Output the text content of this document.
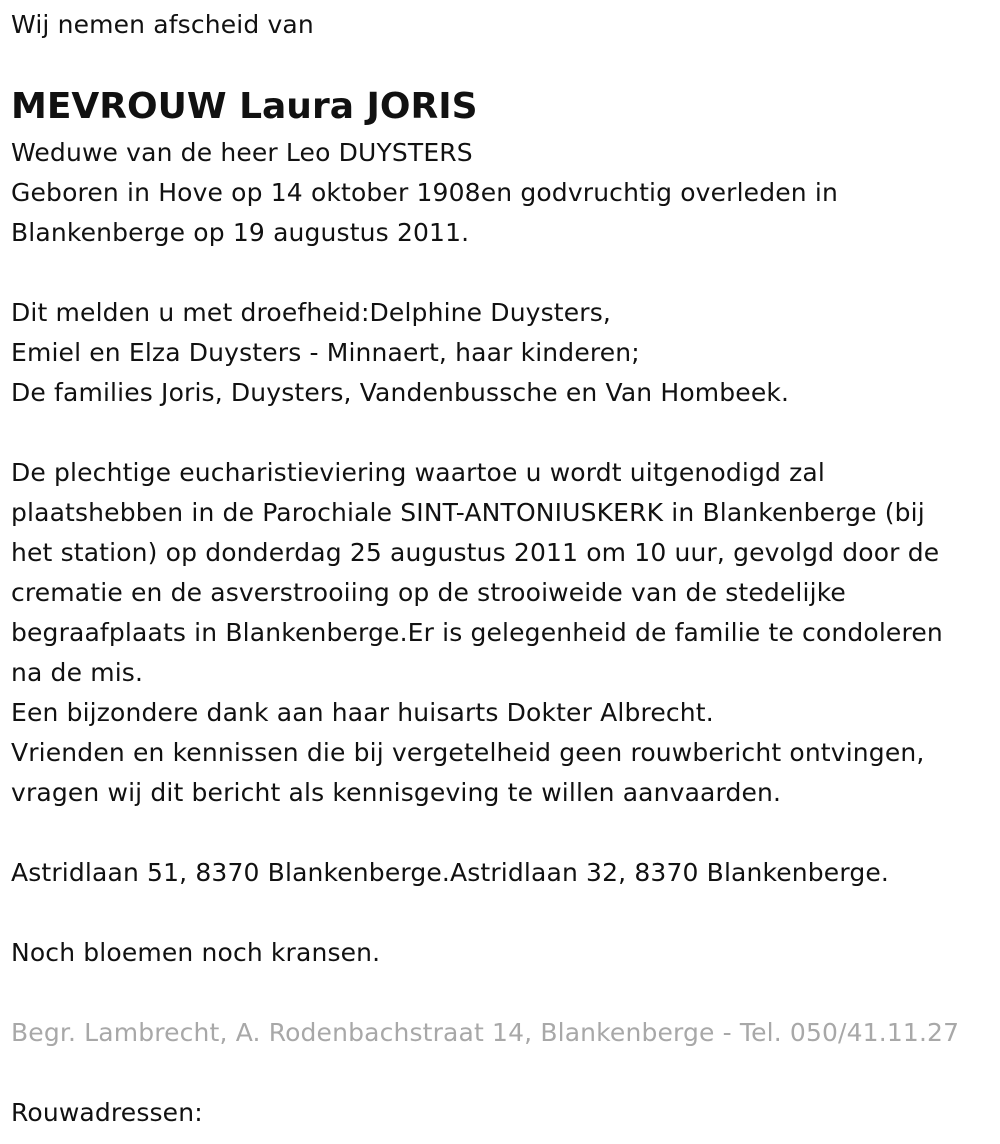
Wij nemen afscheid van
MEVROUW Laura JORIS
Weduwe van de heer Leo DUYSTERS
Geboren in Hove op 14 oktober 1908en godvruchtig overleden in
Blankenberge op 19 augustus 2011.
Dit melden u met droefheid:Delphine Duysters,
Emiel en Elza Duysters - Minnaert, haar kinderen;
De families Joris, Duysters, Vandenbussche en Van Hombeek.
De plechtige eucharistieviering waartoe u wordt uitgenodigd zal
plaatshebben in de Parochiale SINT-ANTONIUSKERK in Blankenberge (bij
het station) op donderdag 25 augustus 2011 om 10 uur, gevolgd door de
crematie en de asverstrooiing op de strooiweide van de stedelijke
begraafplaats in Blankenberge.Er is gelegenheid de familie te condoleren
na de mis.
Een bijzondere dank aan haar huisarts Dokter Albrecht.
Vrienden en kennissen die bij vergetelheid geen rouwbericht ontvingen,
vragen wij dit bericht als kennisgeving te willen aanvaarden.
Astridlaan 51, 8370 Blankenberge.Astridlaan 32, 8370 Blankenberge.
Noch bloemen noch kransen.
Begr. Lambrecht, A. Rodenbachstraat 14, Blankenberge - Tel. 050/41.11.27
Rouwadressen:
